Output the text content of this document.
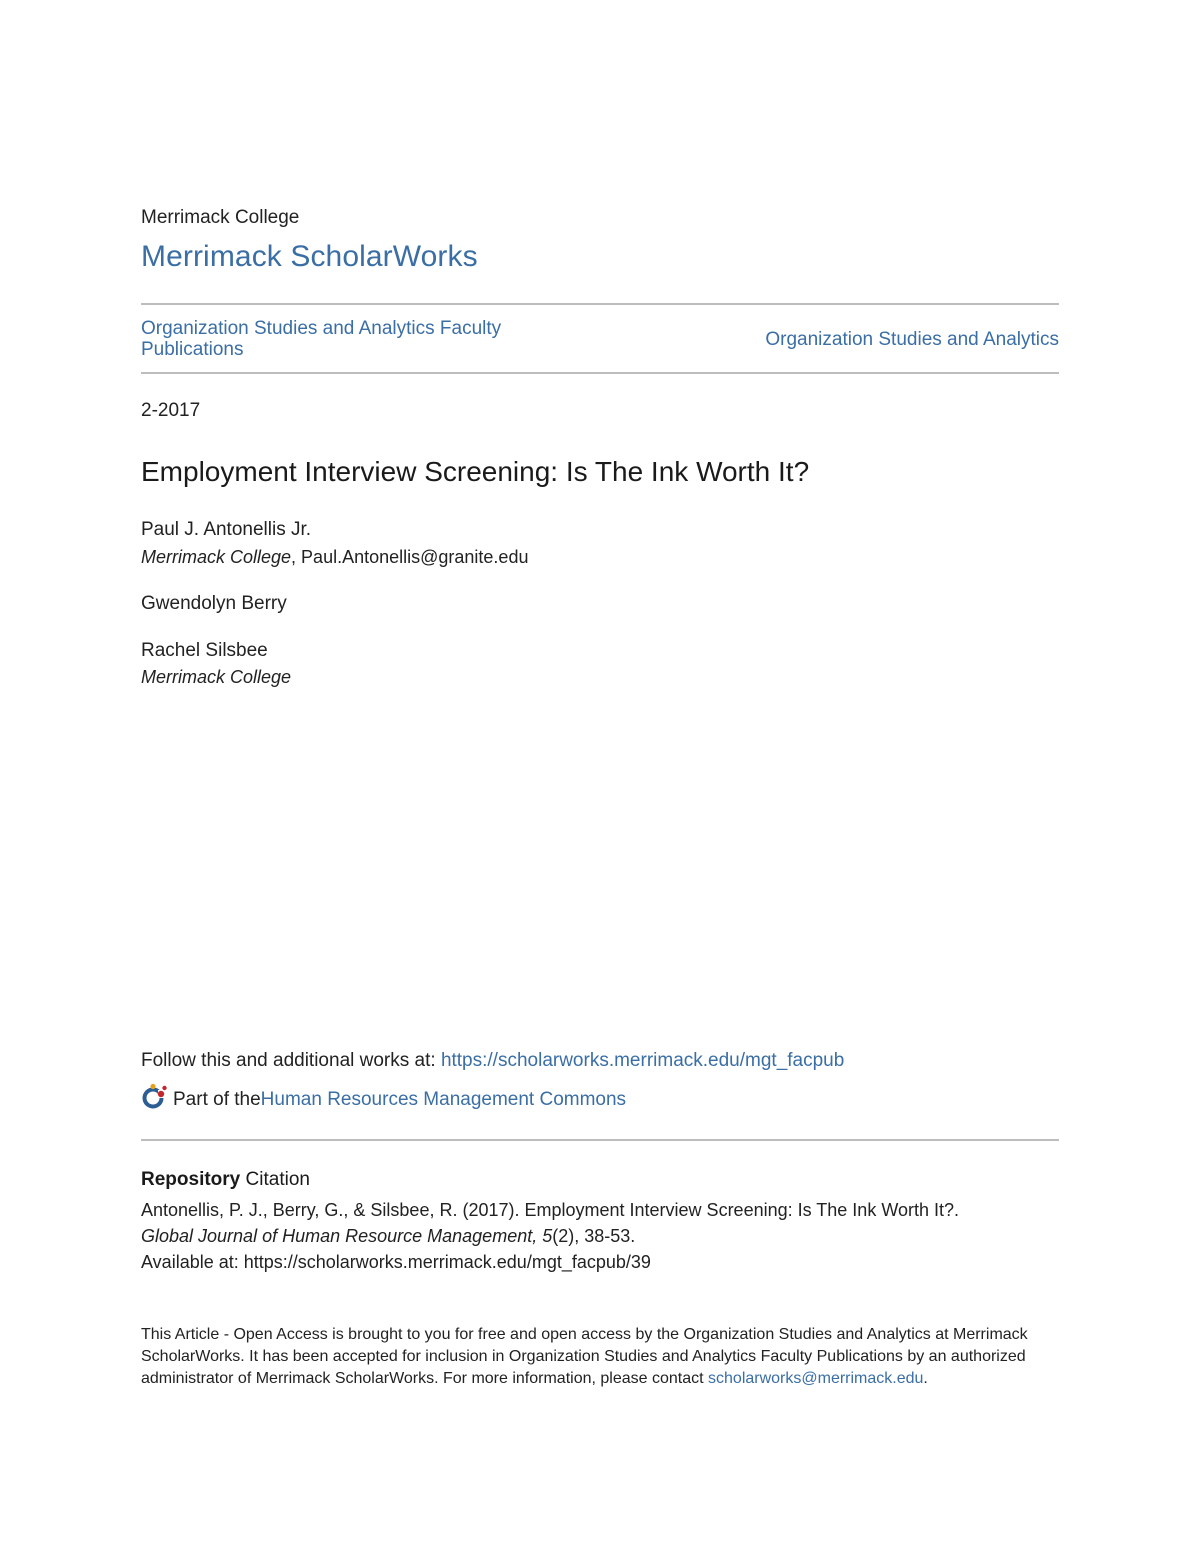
Merrimack College
Merrimack ScholarWorks
Organization Studies and Analytics Faculty Publications	Organization Studies and Analytics
2-2017
Employment Interview Screening: Is The Ink Worth It?
Paul J. Antonellis Jr.
Merrimack College, Paul.Antonellis@granite.edu
Gwendolyn Berry
Rachel Silsbee
Merrimack College
Follow this and additional works at: https://scholarworks.merrimack.edu/mgt_facpub
Part of the Human Resources Management Commons
Repository Citation
Antonellis, P. J., Berry, G., & Silsbee, R. (2017). Employment Interview Screening: Is The Ink Worth It?.
Global Journal of Human Resource Management, 5(2), 38-53.
Available at: https://scholarworks.merrimack.edu/mgt_facpub/39
This Article - Open Access is brought to you for free and open access by the Organization Studies and Analytics at Merrimack ScholarWorks. It has been accepted for inclusion in Organization Studies and Analytics Faculty Publications by an authorized administrator of Merrimack ScholarWorks. For more information, please contact scholarworks@merrimack.edu.
